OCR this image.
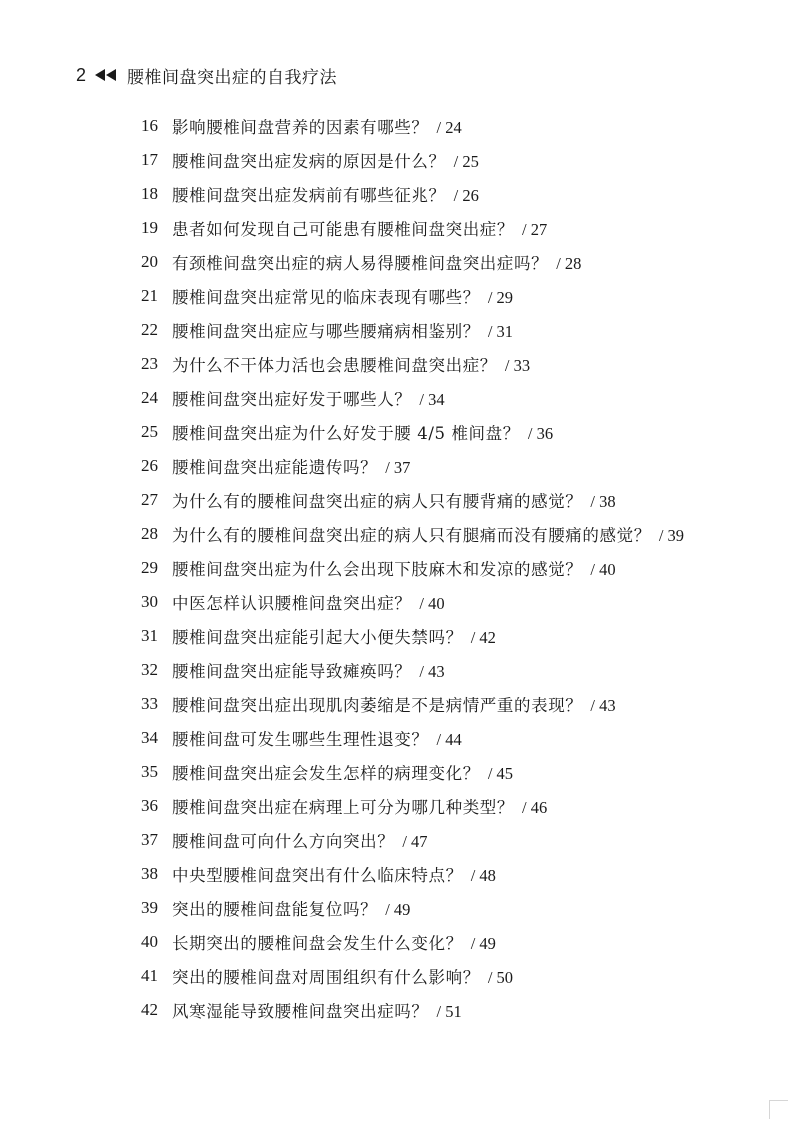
2 腰椎间盘突出症的自我疗法
16 影响腰椎间盘营养的因素有哪些？ / 24
17 腰椎间盘突出症发病的原因是什么？ / 25
18 腰椎间盘突出症发病前有哪些征兆？ / 26
19 患者如何发现自己可能患有腰椎间盘突出症？ / 27
20 有颈椎间盘突出症的病人易得腰椎间盘突出症吗？ / 28
21 腰椎间盘突出症常见的临床表现有哪些？ / 29
22 腰椎间盘突出症应与哪些腰痛病相鉴别？ / 31
23 为什么不干体力活也会患腰椎间盘突出症？ / 33
24 腰椎间盘突出症好发于哪些人？ / 34
25 腰椎间盘突出症为什么好发于腰 4/5 椎间盘？ / 36
26 腰椎间盘突出症能遗传吗？ / 37
27 为什么有的腰椎间盘突出症的病人只有腰背痛的感觉？ / 38
28 为什么有的腰椎间盘突出症的病人只有腿痛而没有腰痛的感觉？ / 39
29 腰椎间盘突出症为什么会出现下肢麻木和发凉的感觉？ / 40
30 中医怎样认识腰椎间盘突出症？ / 40
31 腰椎间盘突出症能引起大小便失禁吗？ / 42
32 腰椎间盘突出症能导致瘫痪吗？ / 43
33 腰椎间盘突出症出现肌肉萎缩是不是病情严重的表现？ / 43
34 腰椎间盘可发生哪些生理性退变？ / 44
35 腰椎间盘突出症会发生怎样的病理变化？ / 45
36 腰椎间盘突出症在病理上可分为哪几种类型？ / 46
37 腰椎间盘可向什么方向突出？ / 47
38 中央型腰椎间盘突出有什么临床特点？ / 48
39 突出的腰椎间盘能复位吗？ / 49
40 长期突出的腰椎间盘会发生什么变化？ / 49
41 突出的腰椎间盘对周围组织有什么影响？ / 50
42 风寒湿能导致腰椎间盘突出症吗？ / 51
